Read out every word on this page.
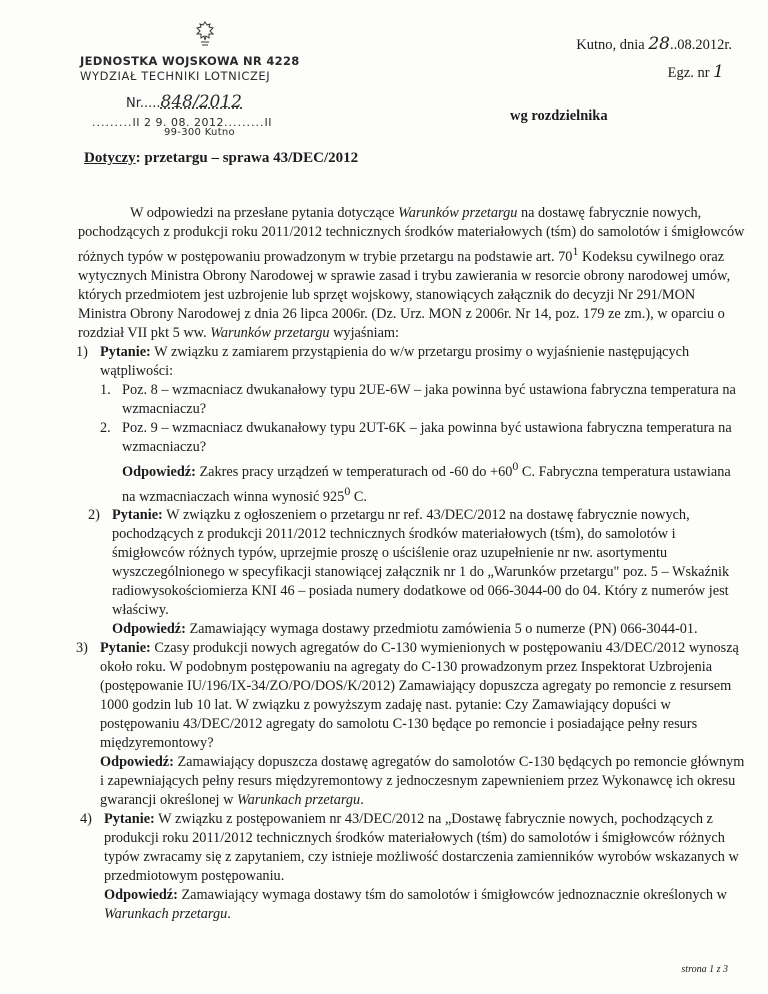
JEDNOSTKA WOJSKOWA NR 4228
WYDZIAŁ TECHNIKI LOTNICZEJ
Nr.....848/2012
.........II 2 9. 08. 2012.........II
99-300 Kutno
Kutno, dnia 28..08.2012r.
Egz. nr 1
wg rozdzielnika
Dotyczy: przetargu – sprawa 43/DEC/2012

W odpowiedzi na przesłane pytania dotyczące Warunków przetargu na dostawę fabrycznie nowych, pochodzących z produkcji roku 2011/2012 technicznych środków materiałowych (tśm) do samolotów i śmigłowców różnych typów w postępowaniu prowadzonym w trybie przetargu na podstawie art. $70^1$ Kodeksu cywilnego oraz wytycznych Ministra Obrony Narodowej w sprawie zasad i trybu zawierania w resorcie obrony narodowej umów, których przedmiotem jest uzbrojenie lub sprzęt wojskowy, stanowiących załącznik do decyzji Nr 291/MON Ministra Obrony Narodowej z dnia 26 lipca 2006r. (Dz. Urz. MON z 2006r. Nr 14, poz. 179 ze zm.), w oparciu o rozdział VII pkt 5 ww. Warunków przetargu wyjaśniam:

1) Pytanie: W związku z zamiarem przystąpienia do w/w przetargu prosimy o wyjaśnienie następujących wątpliwości:
1. Poz. 8 – wzmacniacz dwukanałowy typu 2UE-6W – jaka powinna być ustawiona fabryczna temperatura na wzmacniaczu?
2. Poz. 9 – wzmacniacz dwukanałowy typu 2UT-6K – jaka powinna być ustawiona fabryczna temperatura na wzmacniaczu?
Odpowiedź: Zakres pracy urządzeń w temperaturach od -60 do $+60^0$ C. Fabryczna temperatura ustawiana na wzmacniaczach winna wynosić $925^0$ C.
2) Pytanie: W związku z ogłoszeniem o przetargu nr ref. 43/DEC/2012 na dostawę fabrycznie nowych, pochodzących z produkcji 2011/2012 technicznych środków materiałowych (tśm), do samolotów i śmigłowców różnych typów, uprzejmie proszę o uściślenie oraz uzupełnienie nr nw. asortymentu wyszczególnionego w specyfikacji stanowiącej załącznik nr 1 do „Warunków przetargu" poz. 5 – Wskaźnik radiowysokościomierza KNI 46 – posiada numery dodatkowe od 066-3044-00 do 04. Który z numerów jest właściwy.
Odpowiedź: Zamawiający wymaga dostawy przedmiotu zamówienia 5 o numerze (PN) 066-3044-01.
3) Pytanie: Czasy produkcji nowych agregatów do C-130 wymienionych w postępowaniu 43/DEC/2012 wynoszą około roku. W podobnym postępowaniu na agregaty do C-130 prowadzonym przez Inspektorat Uzbrojenia (postępowanie IU/196/IX-34/ZO/PO/DOS/K/2012) Zamawiający dopuszcza agregaty po remoncie z resursem 1000 godzin lub 10 lat. W związku z powyższym zadaję nast. pytanie: Czy Zamawiający dopuści w postępowaniu 43/DEC/2012 agregaty do samolotu C-130 będące po remoncie i posiadające pełny resurs międzyremontowy?
Odpowiedź: Zamawiający dopuszcza dostawę agregatów do samolotów C-130 będących po remoncie głównym i zapewniających pełny resurs międzyremontowy z jednoczesnym zapewnieniem przez Wykonawcę ich okresu gwarancji określonej w Warunkach przetargu.
4) Pytanie: W związku z postępowaniem nr 43/DEC/2012 na „Dostawę fabrycznie nowych, pochodzących z produkcji roku 2011/2012 technicznych środków materiałowych (tśm) do samolotów i śmigłowców różnych typów zwracamy się z zapytaniem, czy istnieje możliwość dostarczenia zamienników wyrobów wskazanych w przedmiotowym postępowaniu.
Odpowiedź: Zamawiający wymaga dostawy tśm do samolotów i śmigłowców jednoznacznie określonych w Warunkach przetargu.
strona 1 z 3
